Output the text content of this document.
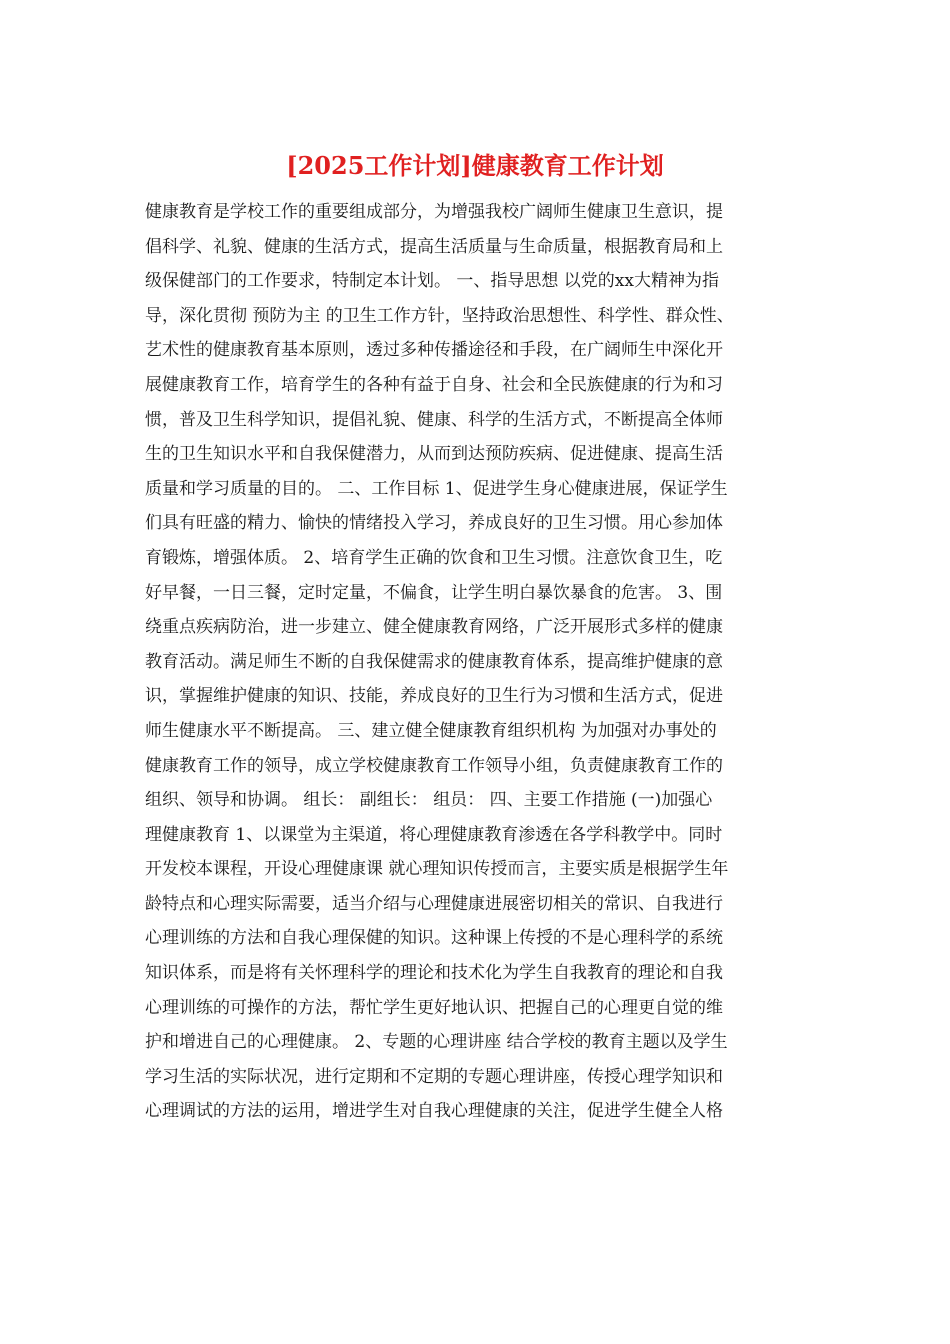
[2025工作计划]健康教育工作计划
健康教育是学校工作的重要组成部分，为增强我校广阔师生健康卫生意识，提
倡科学、礼貌、健康的生活方式，提高生活质量与生命质量，根据教育局和上
级保健部门的工作要求，特制定本计划。 一、指导思想 以党的xx大精神为指
导，深化贯彻 预防为主 的卫生工作方针，坚持政治思想性、科学性、群众性、
艺术性的健康教育基本原则，透过多种传播途径和手段，在广阔师生中深化开
展健康教育工作，培育学生的各种有益于自身、社会和全民族健康的行为和习
惯，普及卫生科学知识，提倡礼貌、健康、科学的生活方式，不断提高全体师
生的卫生知识水平和自我保健潜力，从而到达预防疾病、促进健康、提高生活
质量和学习质量的目的。 二、工作目标 1、促进学生身心健康进展，保证学生
们具有旺盛的精力、愉快的情绪投入学习，养成良好的卫生习惯。用心参加体
育锻炼，增强体质。 2、培育学生正确的饮食和卫生习惯。注意饮食卫生，吃
好早餐，一日三餐，定时定量，不偏食，让学生明白暴饮暴食的危害。 3、围
绕重点疾病防治，进一步建立、健全健康教育网络，广泛开展形式多样的健康
教育活动。满足师生不断的自我保健需求的健康教育体系，提高维护健康的意
识，掌握维护健康的知识、技能，养成良好的卫生行为习惯和生活方式，促进
师生健康水平不断提高。 三、建立健全健康教育组织机构 为加强对办事处的
健康教育工作的领导，成立学校健康教育工作领导小组，负责健康教育工作的
组织、领导和协调。 组长： 副组长： 组员： 四、主要工作措施 (一)加强心
理健康教育 1、以课堂为主渠道，将心理健康教育渗透在各学科教学中。同时
开发校本课程，开设心理健康课 就心理知识传授而言，主要实质是根据学生年
龄特点和心理实际需要，适当介绍与心理健康进展密切相关的常识、自我进行
心理训练的方法和自我心理保健的知识。这种课上传授的不是心理科学的系统
知识体系，而是将有关怀理科学的理论和技术化为学生自我教育的理论和自我
心理训练的可操作的方法，帮忙学生更好地认识、把握自己的心理更自觉的维
护和增进自己的心理健康。 2、专题的心理讲座 结合学校的教育主题以及学生
学习生活的实际状况，进行定期和不定期的专题心理讲座，传授心理学知识和
心理调试的方法的运用，增进学生对自我心理健康的关注，促进学生健全人格
